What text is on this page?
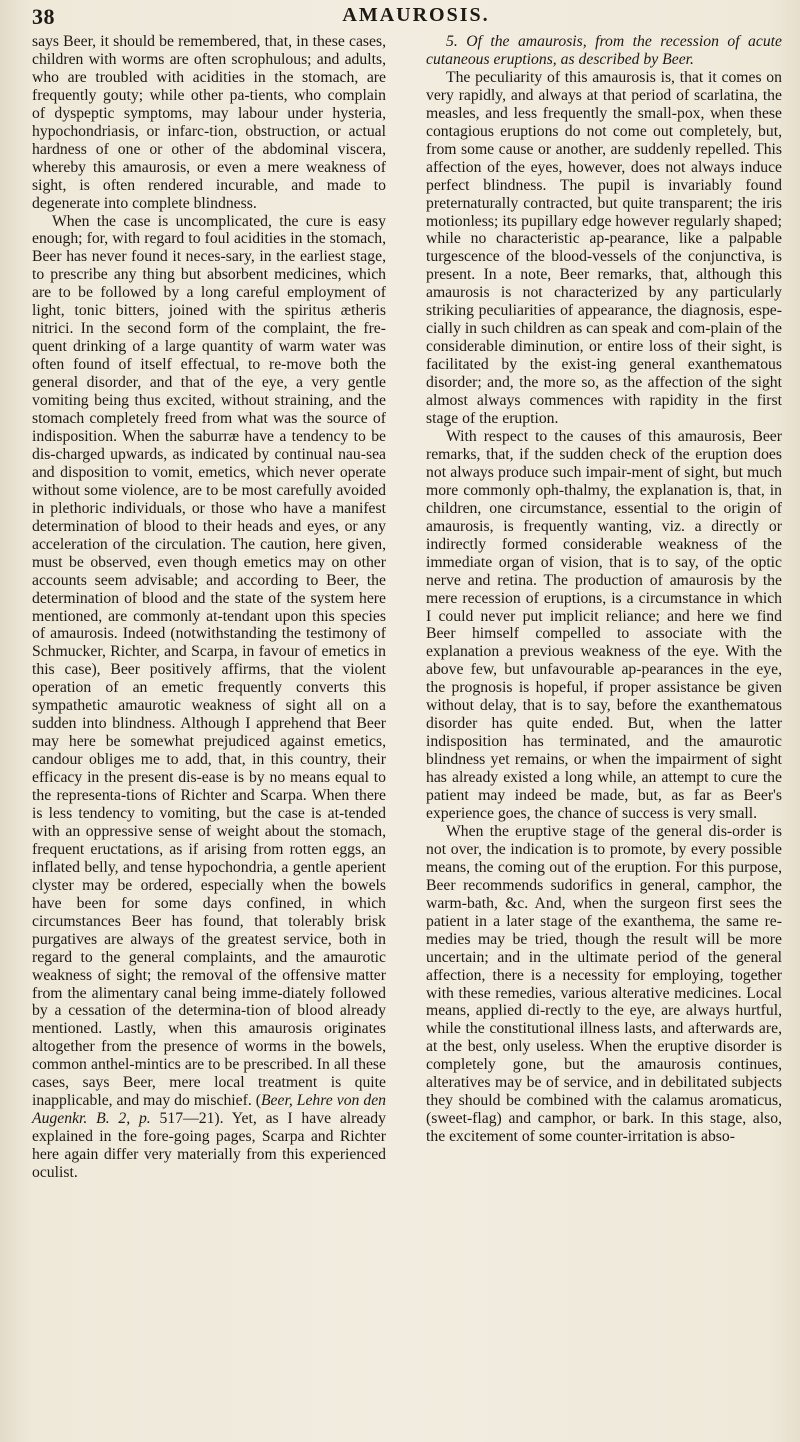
38	AMAUROSIS.

says Beer, it should be remembered, that, in these cases, children with worms are often scrophulous; and adults, who are troubled with acidities in the stomach, are frequently gouty; while other pa-tients, who complain of dyspeptic symptoms, may labour under hysteria, hypochondriasis, or infarc-tion, obstruction, or actual hardness of one or other of the abdominal viscera, whereby this amaurosis, or even a mere weakness of sight, is often rendered incurable, and made to degenerate into complete blindness.

When the case is uncomplicated, the cure is easy enough; for, with regard to foul acidities in the stomach, Beer has never found it neces-sary, in the earliest stage, to prescribe any thing but absorbent medicines, which are to be followed by a long careful employment of light, tonic bitters, joined with the spiritus ætheris nitrici. In the second form of the complaint, the fre-quent drinking of a large quantity of warm water was often found of itself effectual, to re-move both the general disorder, and that of the eye, a very gentle vomiting being thus excited, without straining, and the stomach completely freed from what was the source of indisposition. When the saburræ have a tendency to be dis-charged upwards, as indicated by continual nau-sea and disposition to vomit, emetics, which never operate without some violence, are to be most carefully avoided in plethoric individuals, or those who have a manifest determination of blood to their heads and eyes, or any acceleration of the circulation. The caution, here given, must be observed, even though emetics may on other accounts seem advisable; and according to Beer, the determination of blood and the state of the system here mentioned, are commonly at-tendant upon this species of amaurosis. Indeed (notwithstanding the testimony of Schmucker, Richter, and Scarpa, in favour of emetics in this case), Beer positively affirms, that the violent operation of an emetic frequently converts this sympathetic amaurotic weakness of sight all on a sudden into blindness. Although I apprehend that Beer may here be somewhat prejudiced against emetics, candour obliges me to add, that, in this country, their efficacy in the present dis-ease is by no means equal to the representa-tions of Richter and Scarpa. When there is less tendency to vomiting, but the case is at-tended with an oppressive sense of weight about the stomach, frequent eructations, as if arising from rotten eggs, an inflated belly, and tense hypochondria, a gentle aperient clyster may be ordered, especially when the bowels have been for some days confined, in which circumstances Beer has found, that tolerably brisk purgatives are always of the greatest service, both in regard to the general complaints, and the amaurotic weakness of sight; the removal of the offensive matter from the alimentary canal being imme-diately followed by a cessation of the determina-tion of blood already mentioned. Lastly, when this amaurosis originates altogether from the presence of worms in the bowels, common anthel-mintics are to be prescribed. In all these cases, says Beer, mere local treatment is quite inapplicable, and may do mischief. (Beer, Lehre von den Augenkr. B. 2, p. 517—21). Yet, as I have already explained in the fore-going pages, Scarpa and Richter here again differ very materially from this experienced oculist.

5. Of the amaurosis, from the recession of acute cutaneous eruptions, as described by Beer.

The peculiarity of this amaurosis is, that it comes on very rapidly, and always at that period of scarlatina, the measles, and less frequently the small-pox, when these contagious eruptions do not come out completely, but, from some cause or another, are suddenly repelled. This affection of the eyes, however, does not always induce perfect blindness. The pupil is invariably found preternaturally contracted, but quite transparent; the iris motionless; its pupillary edge however regularly shaped; while no characteristic ap-pearance, like a palpable turgescence of the blood-vessels of the conjunctiva, is present. In a note, Beer remarks, that, although this amaurosis is not characterized by any particularly striking peculiarities of appearance, the diagnosis, espe-cially in such children as can speak and com-plain of the considerable diminution, or entire loss of their sight, is facilitated by the exist-ing general exanthematous disorder; and, the more so, as the affection of the sight almost always commences with rapidity in the first stage of the eruption.

With respect to the causes of this amaurosis, Beer remarks, that, if the sudden check of the eruption does not always produce such impair-ment of sight, but much more commonly oph-thalmy, the explanation is, that, in children, one circumstance, essential to the origin of amaurosis, is frequently wanting, viz. a directly or indirectly formed considerable weakness of the immediate organ of vision, that is to say, of the optic nerve and retina. The production of amaurosis by the mere recession of eruptions, is a circumstance in which I could never put implicit reliance; and here we find Beer himself compelled to associate with the explanation a previous weakness of the eye. With the above few, but unfavourable ap-pearances in the eye, the prognosis is hopeful, if proper assistance be given without delay, that is to say, before the exanthematous disorder has quite ended. But, when the latter indisposition has terminated, and the amaurotic blindness yet remains, or when the impairment of sight has already existed a long while, an attempt to cure the patient may indeed be made, but, as far as Beer's experience goes, the chance of success is very small.

When the eruptive stage of the general dis-order is not over, the indication is to promote, by every possible means, the coming out of the eruption. For this purpose, Beer recommends sudorifics in general, camphor, the warm-bath, &c. And, when the surgeon first sees the patient in a later stage of the exanthema, the same re-medies may be tried, though the result will be more uncertain; and in the ultimate period of the general affection, there is a necessity for employing, together with these remedies, various alterative medicines. Local means, applied di-rectly to the eye, are always hurtful, while the constitutional illness lasts, and afterwards are, at the best, only useless. When the eruptive disorder is completely gone, but the amaurosis continues, alteratives may be of service, and in debilitated subjects they should be combined with the calamus aromaticus, (sweet-flag) and camphor, or bark. In this stage, also, the excitement of some counter-irritation is abso-
